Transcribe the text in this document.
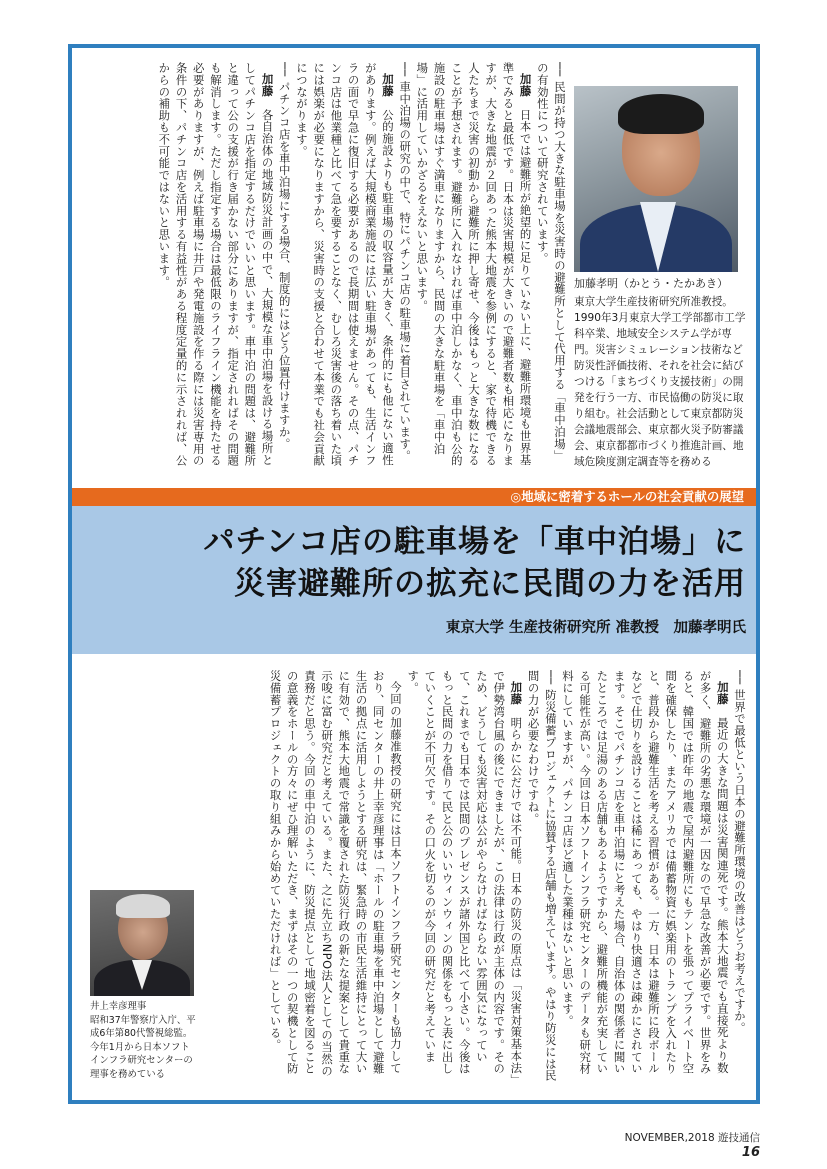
── 民間が持つ大きな駐車場を災害時の避難所として代用する「車中泊場」の有効性について研究されています。

加藤　日本では避難所が絶望的に足りていない上に、避難所環境も世界基準でみると最低です。日本は災害規模が大きいので避難者数も相応になりますが、大きな地震が２回あった熊本大地震を参例にすると、家で待機できる人たちまで災害の初動から避難所に押し寄せ、今後はもっと大きな数になることが予想されます。避難所に入れなければ車中泊しかなく、車中泊も公的施設の駐車場はすぐ満車になりますから、民間の大きな駐車場を「車中泊場」に活用していかざるをえないと思います。

── 車中泊場の研究の中で、特にパチンコ店の駐車場に着目されています。

加藤　公的施設よりも駐車場の収容量が大きく、条件的にも他にない適性があります。例えば大規模商業施設には広い駐車場があっても、生活インフラの面で早急に復旧する必要があるので長期間は使えません。その点、パチンコ店は他業種と比べて急を要することなく、むしろ災害後の落ち着いた頃には娯楽が必要になりますから、災害時の支援と合わせて本業でも社会貢献につながります。

── パチンコ店を車中泊場にする場合、制度的にはどう位置付けますか。

加藤　各自治体の地域防災計画の中で、大規模な車中泊場を設ける場所としてパチンコ店を指定するだけでいいと思います。車中泊の問題は、避難所と違って公の支援が行き届かない部分にありますが、指定されればその問題も解消します。ただし指定する場合は最低限のライフライン機能を持たせる必要がありますが、例えば駐車場に井戸や発電施設を作る際には災害専用の条件の下、パチンコ店を活用する有益性がある程度定量的に示されれば、公からの補助も不可能ではないと思います。	加藤孝明（かとう・たかあき）
東京大学生産技術研究所准教授。
1990年3月東京大学工学部都市工学科卒業、地域安全システム学が専門。災害シミュレーション技術など防災性評価技術、それを社会に結びつける「まちづくり支援技術」の開発を行う一方、市民協働の防災に取り組む。社会活動として東京都防災会議地震部会、東京都火災予防審議会、東京都都市づくり推進計画、地域危険度測定調査等を務める
◎地域に密着するホールの社会貢献の展望
パチンコ店の駐車場を「車中泊場」に
災害避難所の拡充に民間の力を活用
東京大学 生産技術研究所 准教授　加藤孝明氏

── 世界で最低という日本の避難所環境の改善はどうお考えですか。

加藤　最近の大きな問題は災害関連死です。熊本大地震でも直接死より数が多く、避難所の劣悪な環境が一因なので早急な改善が必要です。世界をみると、韓国では昨年の地震で屋内避難所にもテントを張ってプライベート空間を確保したり、またアメリカでは備蓄物資に娯楽用のトランプを入れたりと、普段から避難生活を考える習慣がある。一方、日本は避難所に段ボールなどで仕切りを設けることは稀にあっても、やはり快適さは疎かにされています。そこでパチンコ店を車中泊場にと考えた場合、自治体の関係者に聞いたところでは足湯のある店舗もあるようですから、避難所機能が充実している可能性が高い。今回は日本ソフトインフラ研究センターのデータも研究材料にしていますが、パチンコ店ほど適した業種はないと思います。

── 防災備蓄プロジェクトに協賛する店舗も増えています。やはり防災には民間の力が必要なわけですね。

加藤　明らかに公だけでは不可能。日本の防災の原点は「災害対策基本法」で伊勢湾台風の後にできましたが、この法律は行政が主体の内容です。そのため、どうしても災害対応は公がやらなければならない雰囲気になっていて、これまでも日本では民間のプレゼンスが諸外国と比べて小さい。今後はもっと民間の力を借りて民と公のいいウィンウィンの関係をもっと表に出していくことが不可欠です。その口火を切るのが今回の研究だと考えています。

今回の加藤准教授の研究には日本ソフトインフラ研究センターも協力しており、同センターの井上幸彦理事は「ホールの駐車場を車中泊場として避難生活の拠点に活用しようとする研究は、緊急時の市民生活維持にとって大いに有効で、熊本大地震で常識を覆された防災行政の新たな提案として貴重な示唆に富む研究だと考えている。また、之に先立ちNPO法人としての当然の責務だと思う。今回の車中泊のように、防災提点として地域密着を図ることの意義をホールの方々にぜひ理解いただき、まずはその一つの契機として防災備蓄プロジェクトの取り組みから始めていただければ」としている。

井上幸彦理事
昭和37年警察庁入庁、平成6年第80代警視総監。今年1月から日本ソフトインフラ研究センターの理事を務めている
NOVEMBER,2018 遊技通信 16
